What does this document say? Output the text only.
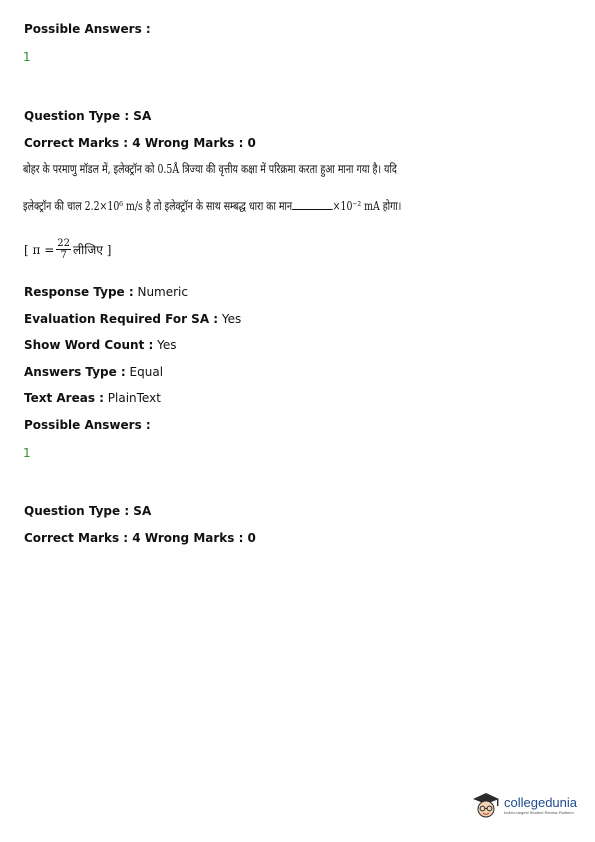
Possible Answers :
1
Question Type : SA
Correct Marks : 4 Wrong Marks : 0
बोहर के परमाणु मॉडल में, इलेक्ट्रॉन को 0.5Å त्रिज्या की वृत्तीय कक्षा में परिक्रमा करता हुआ माना गया है। यदि
इलेक्ट्रॉन की चाल 2.2×10⁶ m/s है तो इलेक्ट्रॉन के साथ सम्बद्ध धारा का मान	×10⁻² mA होगा।
[ $\pi = \frac{22}{7}$ लीजिए ]
Response Type : Numeric
Evaluation Required For SA : Yes
Show Word Count : Yes
Answers Type : Equal
Text Areas : PlainText
Possible Answers :
1
Question Type : SA
Correct Marks : 4 Wrong Marks : 0
collegedunia
India's largest Student Review Platform
